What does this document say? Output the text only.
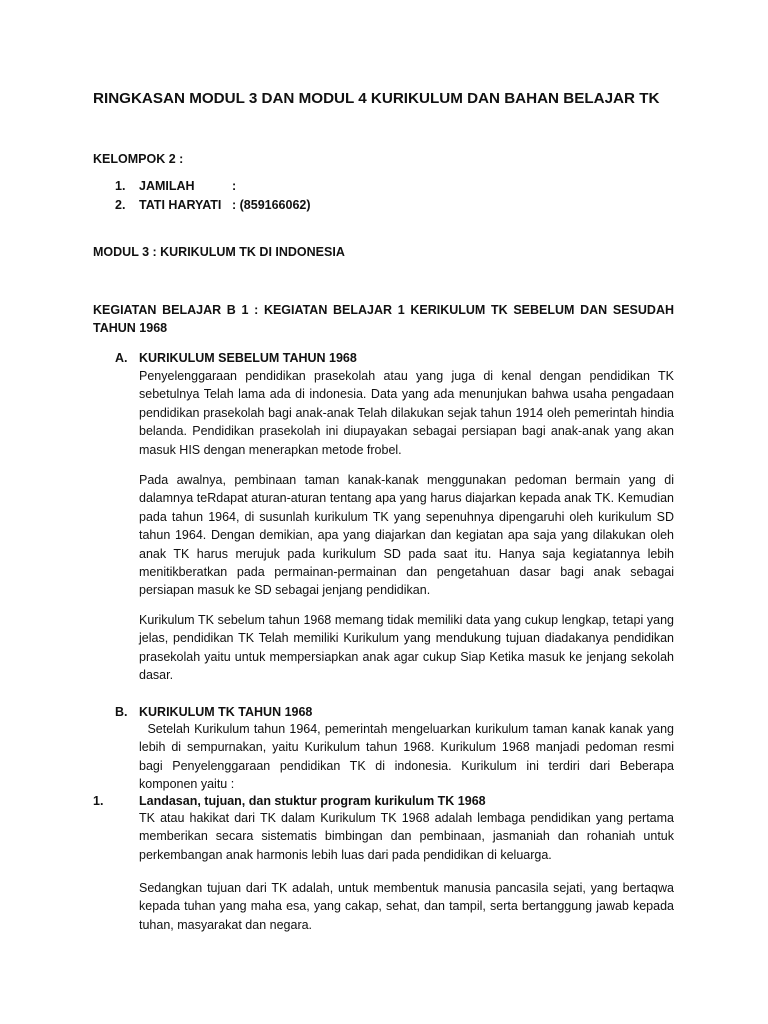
RINGKASAN MODUL 3 DAN MODUL 4 KURIKULUM DAN BAHAN BELAJAR TK
KELOMPOK 2 :
1. JAMILAH	:
2. TATI HARYATI : (859166062)
MODUL 3 : KURIKULUM TK DI INDONESIA
KEGIATAN BELAJAR B 1 : KEGIATAN BELAJAR 1 KERIKULUM TK SEBELUM DAN SESUDAH TAHUN 1968
A. KURIKULUM SEBELUM TAHUN 1968

Penyelenggaraan pendidikan prasekolah atau yang juga di kenal dengan pendidikan TK sebetulnya Telah lama ada di indonesia. Data yang ada menunjukan bahwa usaha pengadaan pendidikan prasekolah bagi anak-anak Telah dilakukan sejak tahun 1914 oleh pemerintah hindia belanda. Pendidikan prasekolah ini diupayakan sebagai persiapan bagi anak-anak yang akan masuk HIS dengan menerapkan metode frobel.

Pada awalnya, pembinaan taman kanak-kanak menggunakan pedoman bermain yang di dalamnya teRdapat aturan-aturan tentang apa yang harus diajarkan kepada anak TK. Kemudian pada tahun 1964, di susunlah kurikulum TK yang sepenuhnya dipengaruhi oleh kurikulum SD tahun 1964. Dengan demikian, apa yang diajarkan dan kegiatan apa saja yang dilakukan oleh anak TK harus merujuk pada kurikulum SD pada saat itu. Hanya saja kegiatannya lebih menitikberatkan pada permainan-permainan dan pengetahuan dasar bagi anak sebagai persiapan masuk ke SD sebagai jenjang pendidikan.

Kurikulum TK sebelum tahun 1968 memang tidak memiliki data yang cukup lengkap, tetapi yang jelas, pendidikan TK Telah memiliki Kurikulum yang mendukung tujuan diadakanya pendidikan prasekolah yaitu untuk mempersiapkan anak agar cukup Siap Ketika masuk ke jenjang sekolah dasar.

B. KURIKULUM TK TAHUN 1968

Setelah Kurikulum tahun 1964, pemerintah mengeluarkan kurikulum taman kanak kanak yang lebih di sempurnakan, yaitu Kurikulum tahun 1968. Kurikulum 1968 manjadi pedoman resmi bagi Penyelenggaraan pendidikan TK di indonesia. Kurikulum ini terdiri dari Beberapa komponen yaitu :

1.	Landasan, tujuan, dan stuktur program kurikulum TK 1968

TK atau hakikat dari TK dalam Kurikulum TK 1968 adalah lembaga pendidikan yang pertama memberikan secara sistematis bimbingan dan pembinaan, jasmaniah dan rohaniah untuk perkembangan anak harmonis lebih luas dari pada pendidikan di keluarga.

Sedangkan tujuan dari TK adalah, untuk membentuk manusia pancasila sejati, yang bertaqwa kepada tuhan yang maha esa, yang cakap, sehat, dan tampil, serta bertanggung jawab kepada tuhan, masyarakat dan negara.
